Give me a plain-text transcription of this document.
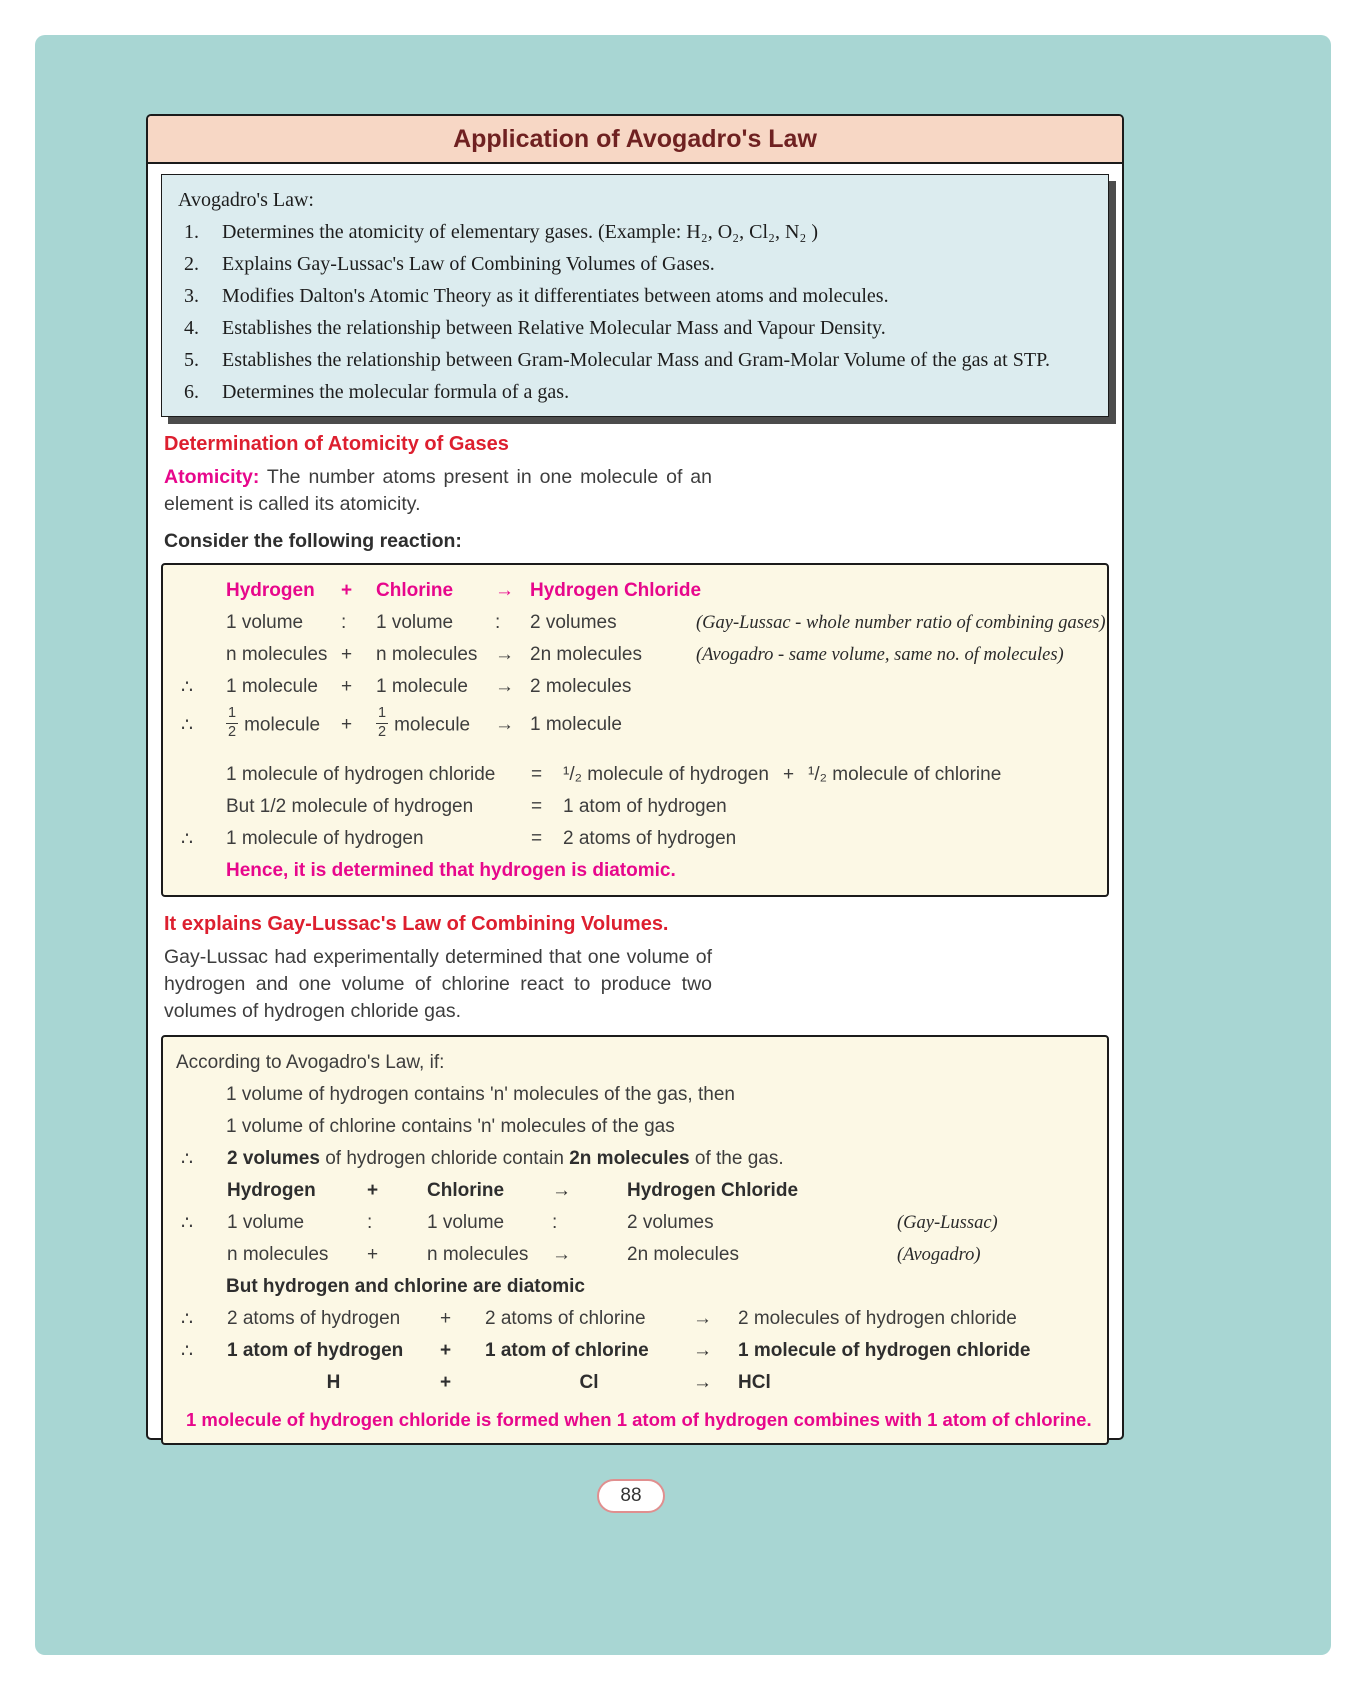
Application of Avogadro's Law
Avogadro's Law:
1.	Determines the atomicity of elementary gases. (Example: H₂, O₂, Cl₂, N₂ )
2.	Explains Gay-Lussac's Law of Combining Volumes of Gases.
3.	Modifies Dalton's Atomic Theory as it differentiates between atoms and molecules.
4.	Establishes the relationship between Relative Molecular Mass and Vapour Density.
5.	Establishes the relationship between Gram-Molecular Mass and Gram-Molar Volume of the gas at STP.
6.	Determines the molecular formula of a gas.
Determination of Atomicity of Gases
Atomicity: The number atoms present in one molecule of an element is called its atomicity.
Consider the following reaction:
Hydrogen	+	Chlorine	→ Hydrogen Chloride
1 volume	:	1 volume	:	2 volumes	(Gay-Lussac - whole number ratio of combining gases)
n molecules +	n molecules → 2n molecules	(Avogadro - same volume, same no. of molecules)
∴	1 molecule	+	1 molecule	→ 2 molecules
∴	$\frac{1}{2}$ molecule	+	$\frac{1}{2}$ molecule	→ 1 molecule
1 molecule of hydrogen chloride	=	¹/₂ molecule of hydrogen + ¹/₂ molecule of chlorine
But 1/2 molecule of hydrogen	=	1 atom of hydrogen
∴	1 molecule of hydrogen	=	2 atoms of hydrogen
Hence, it is determined that hydrogen is diatomic.
It explains Gay-Lussac's Law of Combining Volumes.
Gay-Lussac had experimentally determined that one volume of hydrogen and one volume of chlorine react to produce two volumes of hydrogen chloride gas.
According to Avogadro's Law, if:
1 volume of hydrogen contains 'n' molecules of the gas, then
1 volume of chlorine contains 'n' molecules of the gas
∴	2 volumes of hydrogen chloride contain 2n molecules of the gas.
Hydrogen	+	Chlorine	→	Hydrogen Chloride
∴	1 volume	:	1 volume	:	2 volumes	(Gay-Lussac)
n molecules	+	n molecules	→	2n molecules	(Avogadro)
But hydrogen and chlorine are diatomic
∴	2 atoms of hydrogen	+	2 atoms of chlorine	→	2 molecules of hydrogen chloride
∴	1 atom of hydrogen	+	1 atom of chlorine	→	1 molecule of hydrogen chloride
H	+	Cl	→	HCl
1 molecule of hydrogen chloride is formed when 1 atom of hydrogen combines with 1 atom of chlorine.
88
